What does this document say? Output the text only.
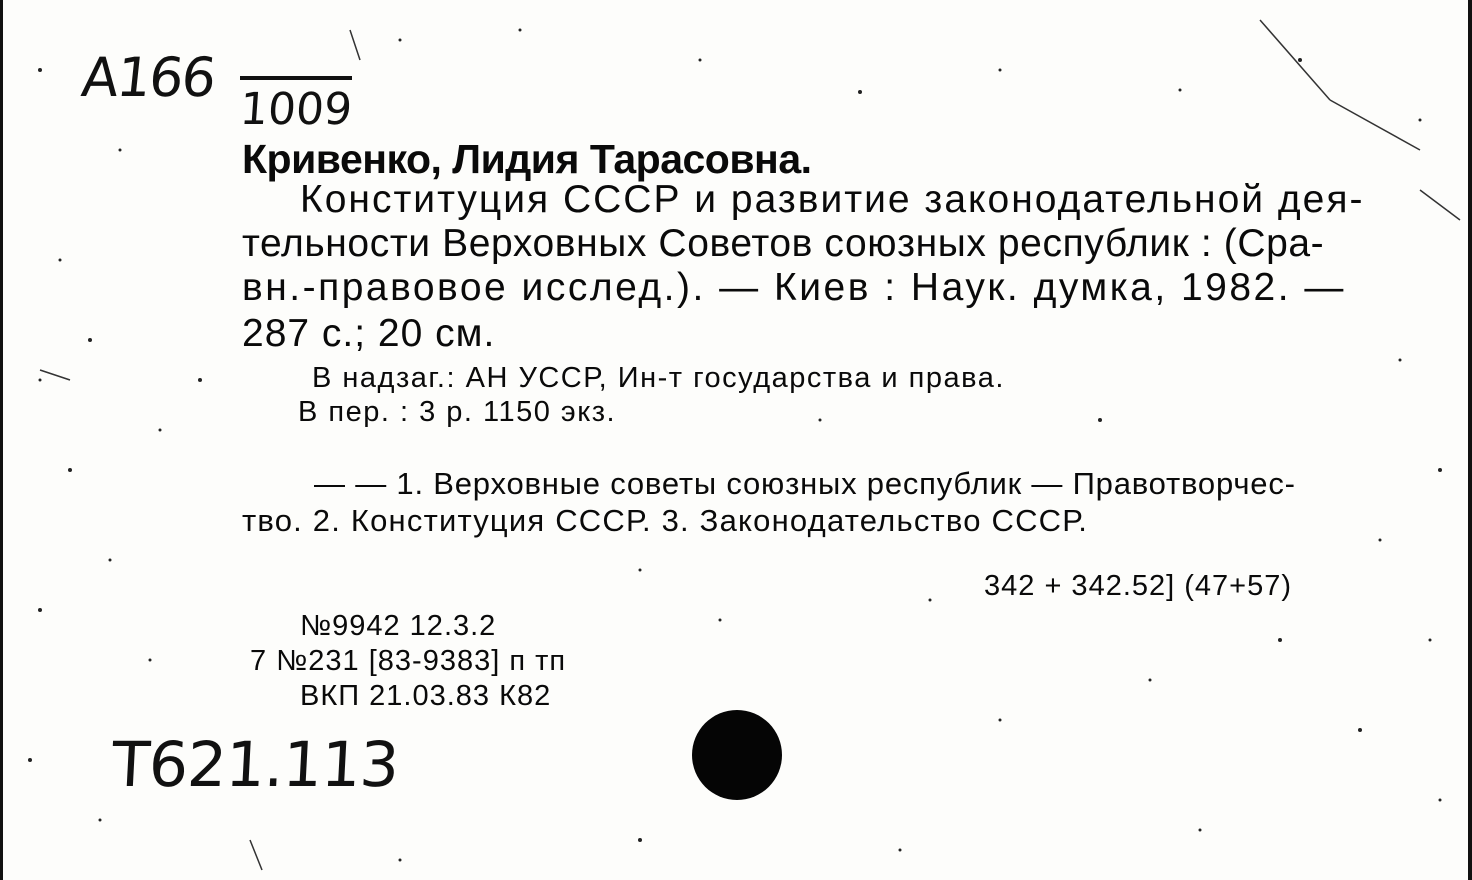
A166
1009
Кривенко, Лидия Тарасовна.
Конституция СССР и развитие законодательной дея-
тельности Верховных Советов союзных республик : (Сра-
вн.-правовое исслед.). — Киев : Наук. думка, 1982. —
287 с.; 20 см.
В надзаг.: АН УССР, Ин-т государства и права.
В пер. : 3 р. 1150 экз.
— — 1. Верховные советы союзных республик — Правотворчес-
тво. 2. Конституция СССР. 3. Законодательство СССР.
342 + 342.52] (47+57)
№9942 12.3.2
7 №231 [83-9383] п тп
ВКП 21.03.83 К82
T621.113
